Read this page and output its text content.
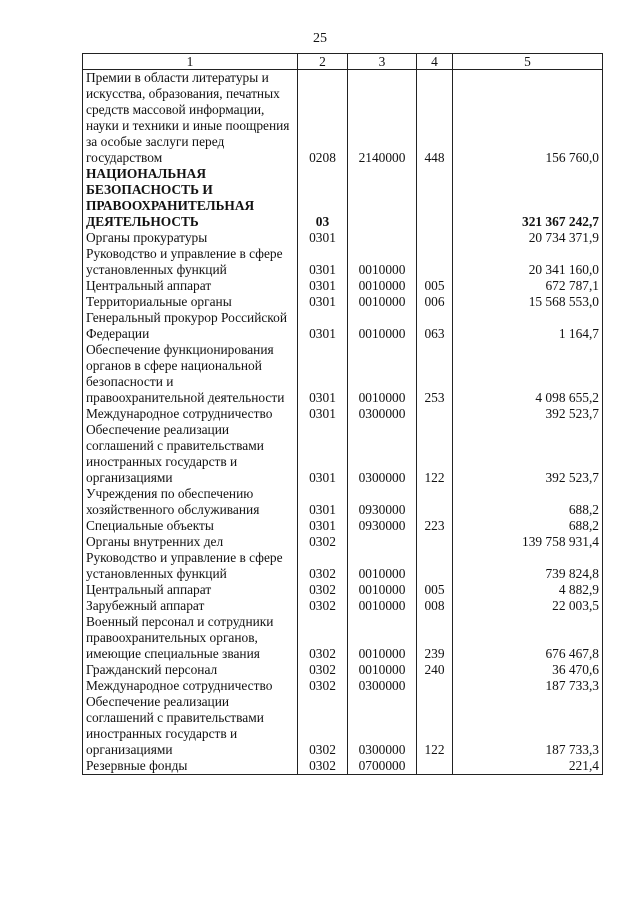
25
1	2	3	4	5
Премии в области литературы и искусства, образования, печатных средств массовой информации, науки и техники и иные поощрения за особые заслуги перед государством	0208	2140000	448	156 760,0
НАЦИОНАЛЬНАЯ БЕЗОПАСНОСТЬ И ПРАВООХРАНИТЕЛЬНАЯ ДЕЯТЕЛЬНОСТЬ	03			321 367 242,7
Органы прокуратуры	0301			20 734 371,9
Руководство и управление в сфере установленных функций	0301	0010000		20 341 160,0
Центральный аппарат	0301	0010000	005	672 787,1
Территориальные органы	0301	0010000	006	15 568 553,0
Генеральный прокурор Российской Федерации	0301	0010000	063	1 164,7
Обеспечение функционирования органов в сфере национальной безопасности и правоохранительной деятельности	0301	0010000	253	4 098 655,2
Международное сотрудничество	0301	0300000		392 523,7
Обеспечение реализации соглашений с правительствами иностранных государств и организациями	0301	0300000	122	392 523,7
Учреждения по обеспечению хозяйственного обслуживания	0301	0930000		688,2
Специальные объекты	0301	0930000	223	688,2
Органы внутренних дел	0302			139 758 931,4
Руководство и управление в сфере установленных функций	0302	0010000		739 824,8
Центральный аппарат	0302	0010000	005	4 882,9
Зарубежный аппарат	0302	0010000	008	22 003,5
Военный персонал и сотрудники правоохранительных органов, имеющие специальные звания	0302	0010000	239	676 467,8
Гражданский персонал	0302	0010000	240	36 470,6
Международное сотрудничество	0302	0300000		187 733,3
Обеспечение реализации соглашений с правительствами иностранных государств и организациями	0302	0300000	122	187 733,3
Резервные фонды	0302	0700000		221,4
